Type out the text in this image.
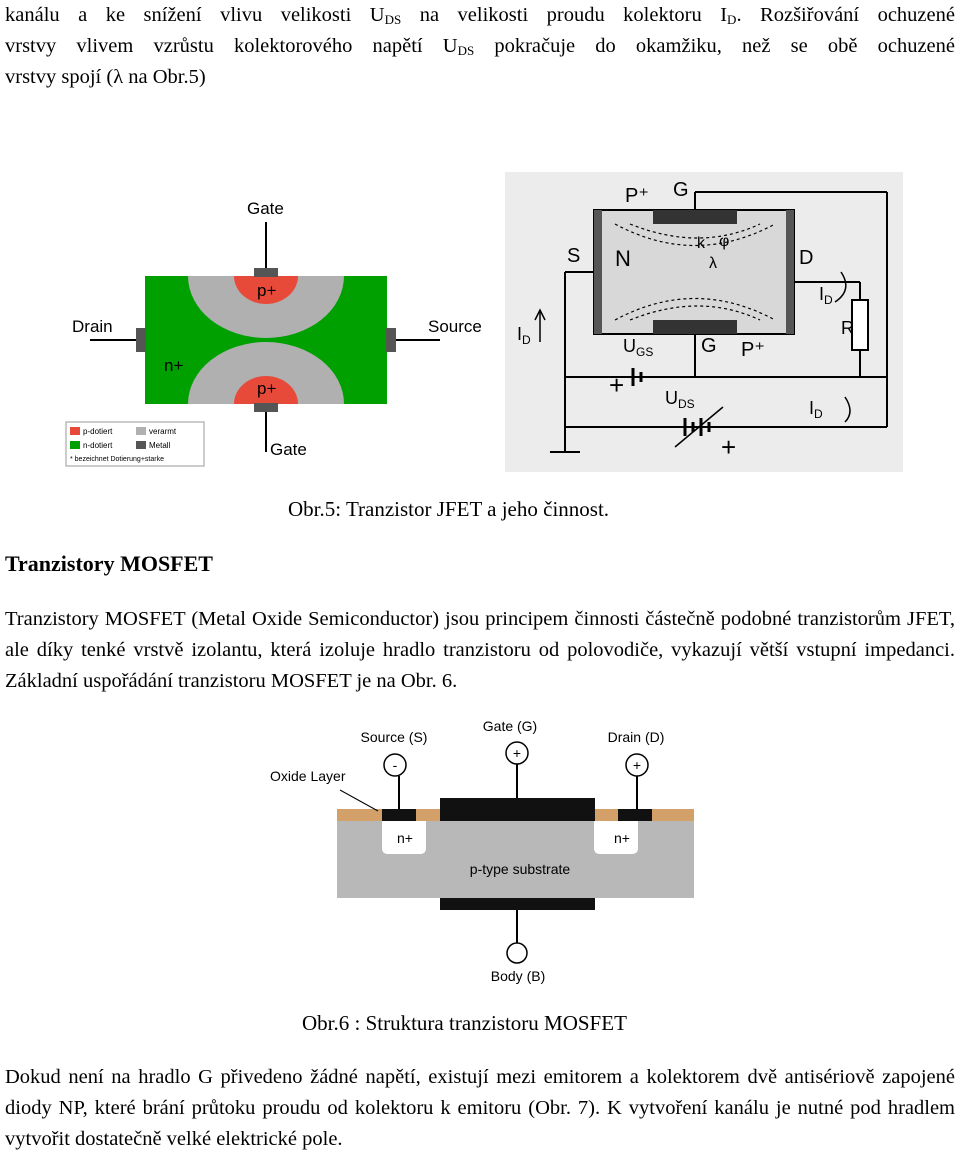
kanálu a ke snížení vlivu velikosti $U_{DS}$ na velikosti proudu kolektoru $I_D$. Rozšiřování ochuzené
vrstvy vlivem vzrůstu kolektorového napětí $U_{DS}$ pokračuje do okamžiku, než se obě ochuzené
vrstvy spojí (λ na Obr.5)
Gate
Gate
Drain	Source
p+
p+
n+
p-dotiert	verarmt
n-dotiert	Metall
* bezeichnet Dotierung+starke
P⁺ G
S N
k φ
λ	D
$I_D$
R
$I_D$	$U_{GS}$ G P⁺
+ $U_{DS}$
+
$I_D$
Obr.5: Tranzistor JFET a jeho činnost.
Tranzistory MOSFET
Tranzistory MOSFET (Metal Oxide Semiconductor) jsou principem činnosti částečně podobné tranzistorům JFET, ale díky tenké vrstvě izolantu, která izoluje hradlo tranzistoru od polovodiče, vykazují větší vstupní impedanci. Základní uspořádání tranzistoru MOSFET je na Obr. 6.
-
+
+
Source (S)
Gate (G)
Drain (D)
Oxide Layer
n+	n+
p-type substrate
Body (B)
Obr.6 : Struktura tranzistoru MOSFET
Dokud není na hradlo G přivedeno žádné napětí, existují mezi emitorem a kolektorem dvě antisériově zapojené diody NP, které brání průtoku proudu od kolektoru k emitoru (Obr. 7). K vytvoření kanálu je nutné pod hradlem vytvořit dostatečně velké elektrické pole.
